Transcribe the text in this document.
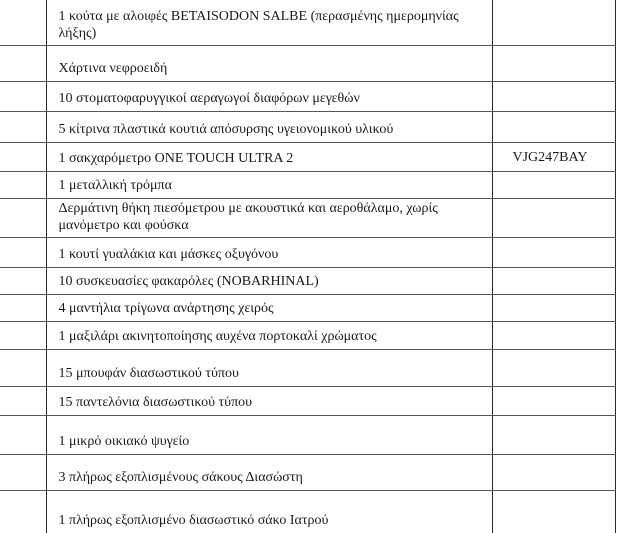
	1 κούτα με αλοιφές BETAISODON SALBE (περασμένης ημερομηνίας λήξης)	

	Χάρτινα νεφροειδή	

	10 στοματοφαρυγγικοί αεραγωγοί διαφόρων μεγεθών	

	5 κίτρινα πλαστικά κουτιά απόσυρσης υγειονομικού υλικού	

	1 σακχαρόμετρο ONE TOUCH ULTRA 2	VJG247BAY	

	1 μεταλλική τρόμπα	

	Δερμάτινη θήκη πιεσόμετρου με ακουστικά και αεροθάλαμο, χωρίς μανόμετρο και φούσκα	

	1 κουτί γυαλάκια και μάσκες οξυγόνου	

	10 συσκευασίες φακαρόλες (NOBARHINAL)	

	4 μαντήλια τρίγωνα ανάρτησης χειρός	

	1 μαξιλάρι ακινητοποίησης αυχένα πορτοκαλί χρώματος	

	15 μπουφάν διασωστικού τύπου	

	15 παντελόνια διασωστικού τύπου	

	1 μικρό οικιακό ψυγείο	

	3 πλήρως εξοπλισμένους σάκους Διασώστη	

	1 πλήρως εξοπλισμένο διασωστικό σάκο Ιατρού	
